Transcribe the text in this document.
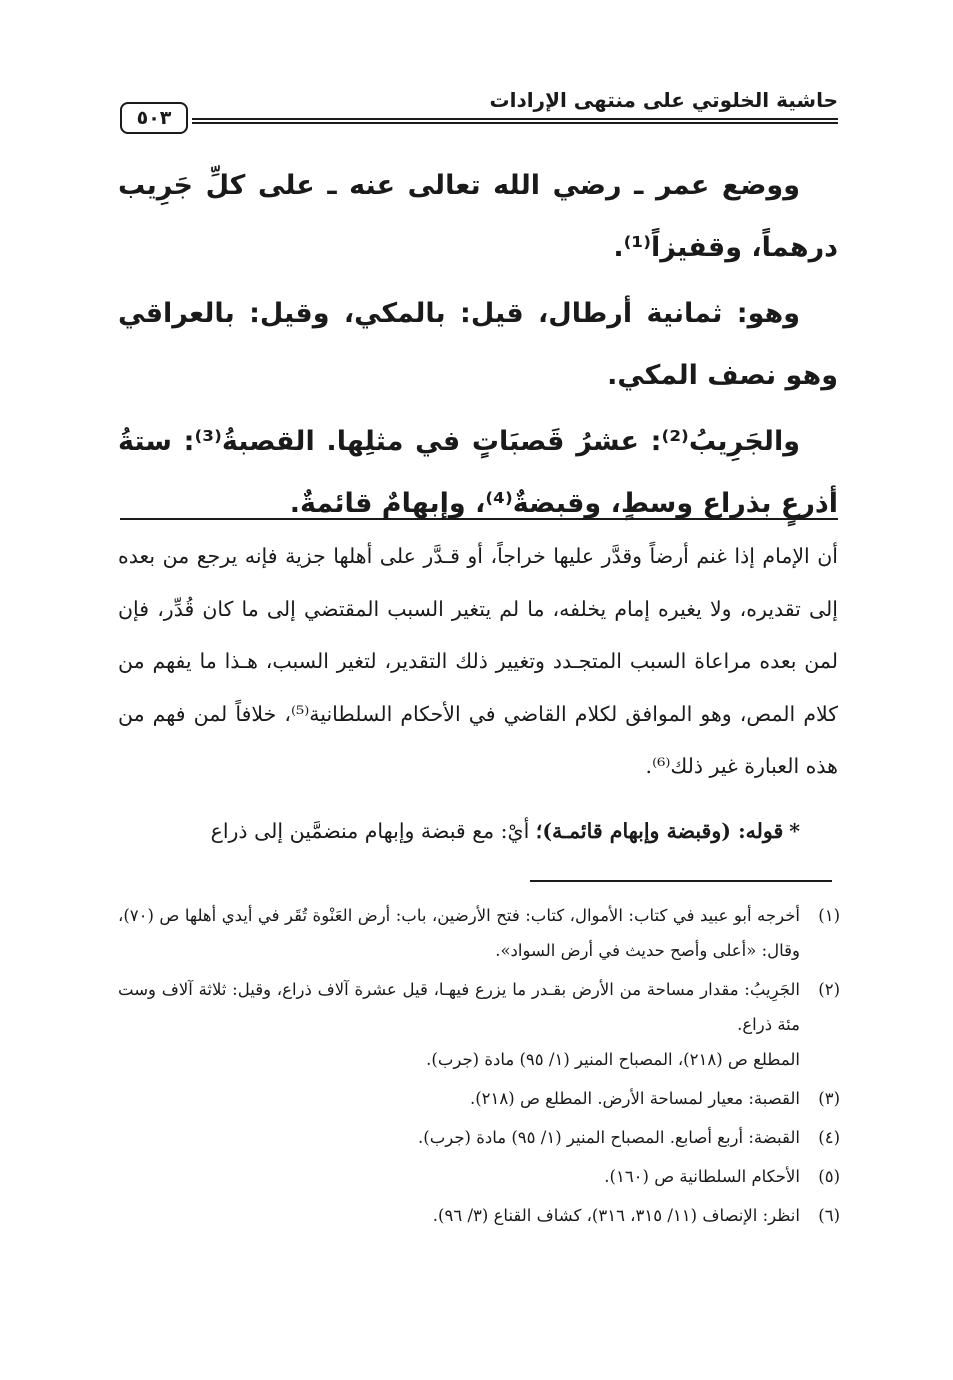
حاشية الخلوتي على منتهى الإرادات
٥٠٣

ووضع عمر ـ رضي الله تعالى عنه ـ على كلِّ جَرِيب درهماً، وقفيزاً⁽¹⁾.

وهو: ثمانية أرطال، قيل: بالمكي، وقيل: بالعراقي وهو نصف المكي.

والجَرِيبُ⁽²⁾: عشرُ قَصبَاتٍ في مثلِها. القصبةُ⁽³⁾: ستةُ أذرعٍ بذراع وسطٍ، وقبضةٌ⁽⁴⁾، وإبهامٌ قائمةٌ.

أن الإمام إذا غنم أرضاً وقدَّر عليها خراجاً، أو قـدَّر على أهلها جزية فإنه يرجع من بعده إلى تقديره، ولا يغيره إمام يخلفه، ما لم يتغير السبب المقتضي إلى ما كان قُدِّر، فإن لمن بعده مراعاة السبب المتجـدد وتغيير ذلك التقدير، لتغير السبب، هـذا ما يفهم من كلام المص، وهو الموافق لكلام القاضي في الأحكام السلطانية⁽⁵⁾، خلافاً لمن فهم من هذه العبارة غير ذلك⁽⁶⁾.

*قوله: (وقبضة وإبهام قائمـة)؛ أيْ: مع قبضة وإبهام منضمَّين إلى ذراع

(١)
أخرجه أبو عبيد في كتاب: الأموال، كتاب: فتح الأرضين، باب: أرض العَنْوة تُقَر في أيدي أهلها ص (٧٠)، وقال: «أعلى وأصح حديث في أرض السواد».
(٢)
الجَرِيبُ: مقدار مساحة من الأرض بقـدر ما يزرع فيهـا، قيل عشرة آلاف ذراع، وقيل: ثلاثة آلاف وست مئة ذراع.
المطلع ص (٢١٨)، المصباح المنير (١/ ٩٥) مادة (جرب).
(٣)
القصبة: معيار لمساحة الأرض. المطلع ص (٢١٨).
(٤)
القبضة: أربع أصابع. المصباح المنير (١/ ٩٥) مادة (جرب).
(٥)
الأحكام السلطانية ص (١٦٠).
(٦)
انظر: الإنصاف (١١/ ٣١٥، ٣١٦)، كشاف القناع (٣/ ٩٦).
